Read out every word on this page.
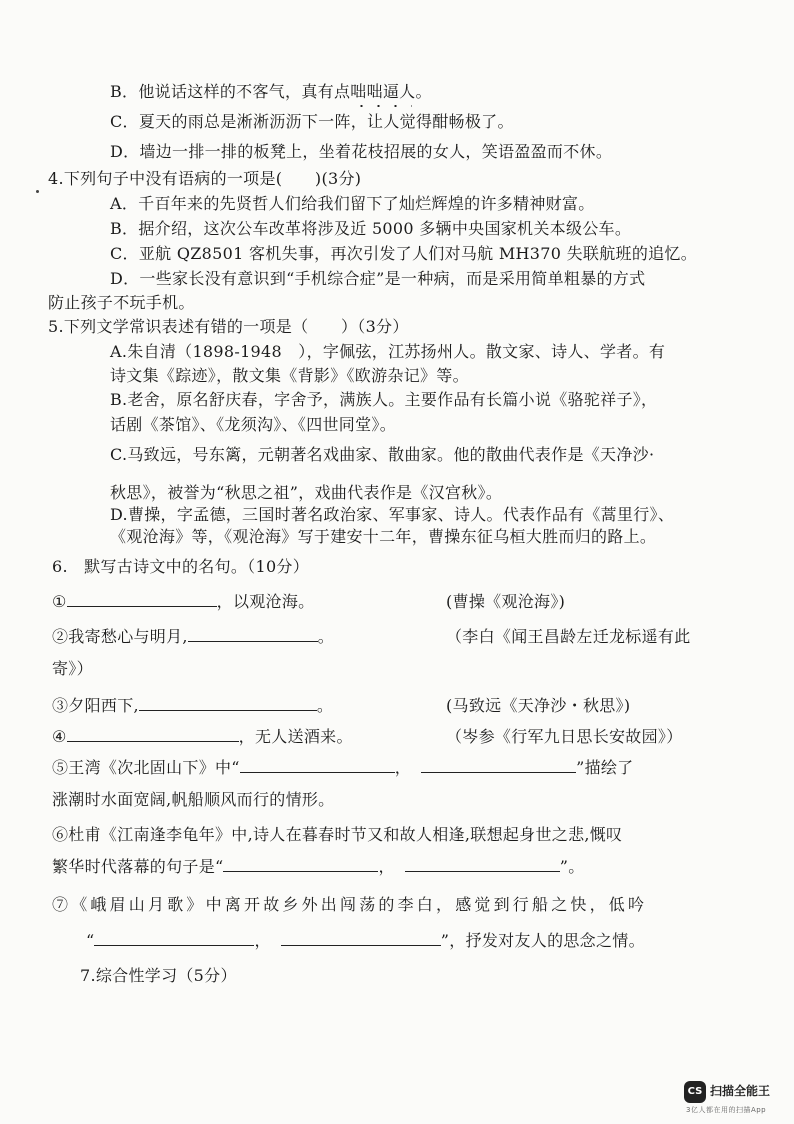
B．他说话这样的不客气，真有点咄咄逼人。
C．夏天的雨总是淅淅沥沥下一阵，让人觉得酣畅极了。
D．墙边一排一排的板凳上，坐着花枝招展的女人，笑语盈盈而不休。
4.下列句子中没有语病的一项是(　　)(3分)
A．千百年来的先贤哲人们给我们留下了灿烂辉煌的许多精神财富。
B．据介绍，这次公车改革将涉及近 5000 多辆中央国家机关本级公车。
C．亚航 QZ8501 客机失事，再次引发了人们对马航 MH370 失联航班的追忆。
D．一些家长没有意识到“手机综合症”是一种病，而是采用简单粗暴的方式
防止孩子不玩手机。
5.下列文学常识表述有错的一项是（　　）（3分）
A.朱自清（1898-1948　），字佩弦，江苏扬州人。散文家、诗人、学者。有
诗文集《踪迹》，散文集《背影》《欧游杂记》等。
B.老舍，原名舒庆春，字舍予，满族人。主要作品有长篇小说《骆驼祥子》，
话剧《茶馆》、《龙须沟》、《四世同堂》。
C.马致远，号东篱，元朝著名戏曲家、散曲家。他的散曲代表作是《天净沙·
秋思》，被誉为“秋思之祖”，戏曲代表作是《汉宫秋》。
D.曹操，字孟德，三国时著名政治家、军事家、诗人。代表作品有《蒿里行》、
《观沧海》等，《观沧海》写于建安十二年，曹操东征乌桓大胜而归的路上。
6.　默写古诗文中的名句。（10分）
①	，以观沧海。	(曹操《观沧海》)
②我寄愁心与明月,	。	（李白《闻王昌龄左迁龙标遥有此
寄》）
③夕阳西下,	。	(马致远《天净沙・秋思》)
④	，无人送酒来。	（岑参《行军九日思长安故园》）
⑤王湾《次北固山下》中“	，	”描绘了
涨潮时水面宽阔,帆船顺风而行的情形。
⑥杜甫《江南逢李龟年》中,诗人在暮春时节又和故人相逢,联想起身世之悲,慨叹
繁华时代落幕的句子是“	，	”。
⑦《峨眉山月歌》中离开故乡外出闯荡的李白，感觉到行船之快，低吟
“	，	”，抒发对友人的思念之情。
7.综合性学习（5分）
CS 扫描全能王
3亿人都在用的扫描App
